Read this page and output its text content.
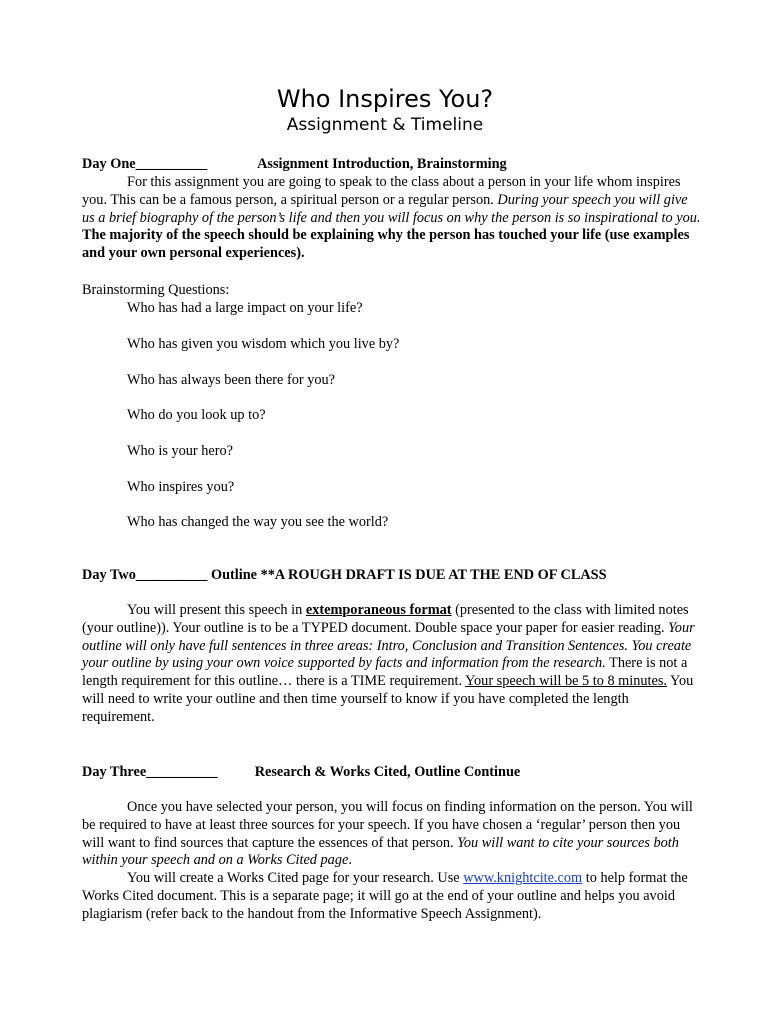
Who Inspires You?
Assignment & Timeline
Day One__________	Assignment Introduction, Brainstorming
For this assignment you are going to speak to the class about a person in your life whom inspires you. This can be a famous person, a spiritual person or a regular person. During your speech you will give us a brief biography of the person’s life and then you will focus on why the person is so inspirational to you. The majority of the speech should be explaining why the person has touched your life (use examples and your own personal experiences).
Brainstorming Questions:
Who has had a large impact on your life?
Who has given you wisdom which you live by?
Who has always been there for you?
Who do you look up to?
Who is your hero?
Who inspires you?
Who has changed the way you see the world?
Day Two__________ Outline **A ROUGH DRAFT IS DUE AT THE END OF CLASS
You will present this speech in extemporaneous format (presented to the class with limited notes (your outline)). Your outline is to be a TYPED document. Double space your paper for easier reading. Your outline will only have full sentences in three areas: Intro, Conclusion and Transition Sentences. You create your outline by using your own voice supported by facts and information from the research. There is not a length requirement for this outline… there is a TIME requirement. Your speech will be 5 to 8 minutes. You will need to write your outline and then time yourself to know if you have completed the length requirement.
Day Three__________	Research & Works Cited, Outline Continue
Once you have selected your person, you will focus on finding information on the person. You will be required to have at least three sources for your speech. If you have chosen a ‘regular’ person then you will want to find sources that capture the essences of that person. You will want to cite your sources both within your speech and on a Works Cited page.
You will create a Works Cited page for your research. Use www.knightcite.com to help format the Works Cited document. This is a separate page; it will go at the end of your outline and helps you avoid plagiarism (refer back to the handout from the Informative Speech Assignment).
